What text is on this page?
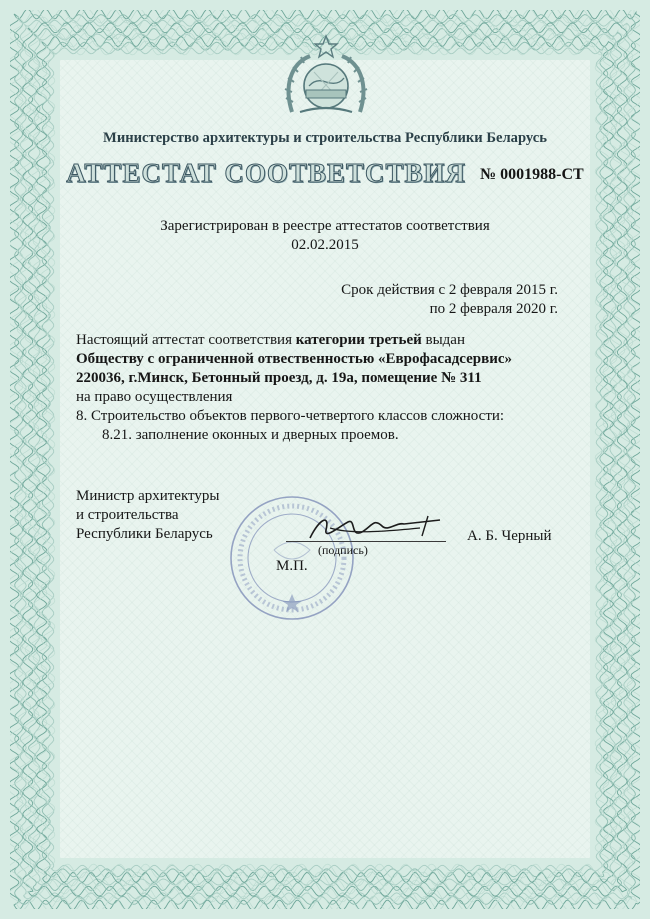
Министерство архитектуры и строительства Республики Беларусь
АТТЕСТАТ СООТВЕТСТВИЯ № 0001988-СТ
Зарегистрирован в реестре аттестатов соответствия
02.02.2015
Срок действия с 2 февраля 2015 г.
по 2 февраля 2020 г.
Настоящий аттестат соответствия категории третьей выдан
Обществу с ограниченной отвественностью «Еврофасадсервис»
220036, г.Минск, Бетонный проезд, д. 19а, помещение № 311
на право осуществления
8. Строительство объектов первого-четвертого классов сложности:
8.21. заполнение оконных и дверных проемов.
Министр архитектуры
и строительства
Республики Беларусь
(подпись)
А. Б. Черный
М.П.
